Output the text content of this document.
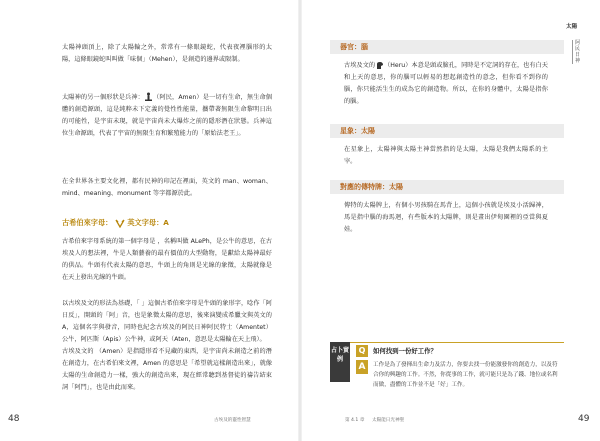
太陽神頭頂上，除了太陽輪之外，常常有一條眼鏡蛇，代表夜裡腦形的太陽，這條眼鏡蛇叫叫做「味個」（Mehen），是創造的邊界或限制。

太陽神的另一個形狀是兵神： （阿民，Amen）是一切有生命，無生命個體的創造源頭，這是純粹未下定義的覺性性能量，攜帶著無限生命黎明日出的可能性，是宇宙未現，就是宇宙尚未大爆炸之前的隱形潛在狀態。兵神這位生命源頭，代表了宇宙的無限生育和繁殖能力的「原始法老王」。

在全世界各主要文化裡，都有民神的印記在裡面，英文的 man、woman、mind、meaning、monument 等字都源於此。

古希伯來字母： 英文字母：A

古希伯來字母系統的第一個字母是 ，名稱叫做 ALePh，是公牛的意思，在古埃及人的想法裡，牛是人類藝養的最有價值的大型動物，是獻給太陽神最好的供品。牛頭有代表太陽的意思，牛頭上的角則是光線的象徵，太陽就像是在天上發出光線的牛頭。

以古埃及文的形法為基礎，「 」這個古希伯來字母是牛頭的象形字，唸作「阿日反」，開頭的「阿」音，也是象徵太陽的意思，後來演變成希臘文與英文的 A，這個名字與發音，同時也紀念古埃及的阿民日神阿民特士（Amentet）公牛，阿匹斯（Apis）公牛神，或阿天（Aten，意思是太陽輪在天上飛）。

古埃及文的 （Amen）是指隱形看不見藏的東西，是宇宙尚未創造之前的潛在創造力，在古希伯來文裡，Amen 的意思是「希望就這樣創造出來」，就像太陽的生命創造力一樣，強大的創造出來，現在經常聽到基督徒的禱告結束詞「阿門」，也是由此而來。

48	古埃及的靈性智慧
太陽
阿民日神
器官：腦

古埃及文的 （Heru）本意是頭或臉孔，同時是不定詞的存在，也有白天和上天的意思，你的腦可以輕易的想起創造性的意念，但你看不到你的腦，你只能活生生的成為它的創造物。所以，在你的身體中，太陽是指你的腦。

星象：太陽

在星象上，太陽神與太陽主神當然指的是太陽，太陽是我們太陽系的主宰。

對應的傳特牌：太陽

傳特的太陽牌上，有個小男孩騎在馬背上，這個小孩就是埃及小活歸神，馬是指中腦的海馬迴，有些版本的太陽牌，則是畫出伊甸園裡的亞當與夏娃。

占卜實例
Q	如何找到一份好工作？
A	工作是為了發揮出生命力及活力，你要去找一份能激發你的創造力，以及符合你的興趣的工作。不然，你從事的工作，就可能只是為了錢、地位或名利而做，盡體的工作並不是「好」工作。
第 4.1 章 太陽能日光神聖	49
